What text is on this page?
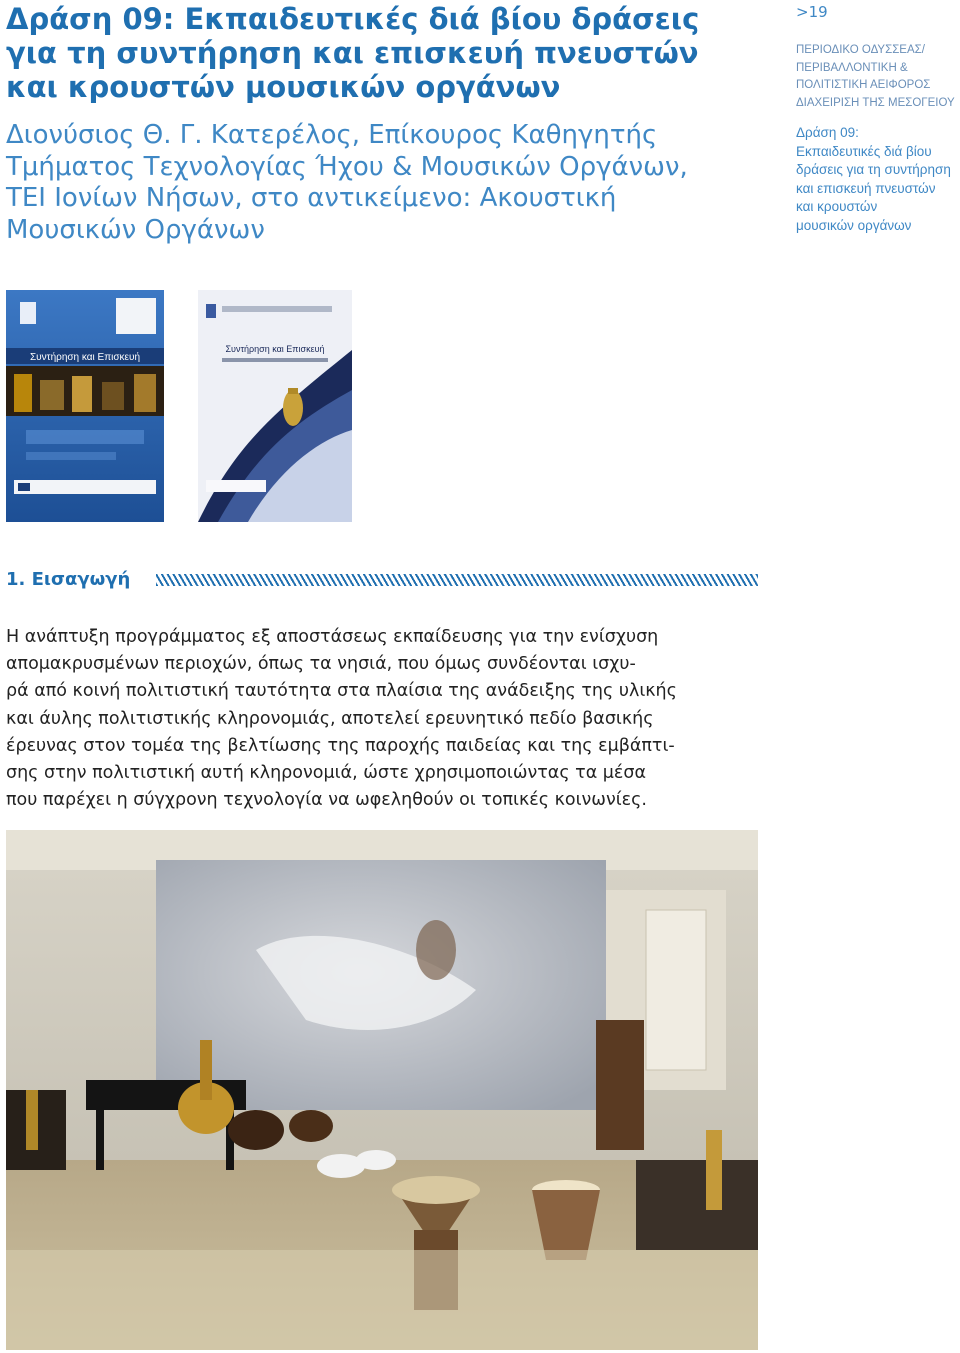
Δράση 09: Εκπαιδευτικές διά βίου δράσεις
για τη συντήρηση και επισκευή πνευστών
και κρουστών μουσικών οργάνων

Διονύσιος Θ. Γ. Κατερέλος, Επίκουρος Καθηγητής
Τμήματος Τεχνολογίας Ήχου & Μουσικών Οργάνων,
ΤΕΙ Ιονίων Νήσων, στο αντικείμενο: Ακουστική
Μουσικών Οργάνων

>19
ΠΕΡΙΟΔΙΚΟ ΟΔΥΣΣΕΑΣ/
ΠΕΡΙΒΑΛΛΟΝΤΙΚΗ &
ΠΟΛΙΤΙΣΤΙΚΗ ΑΕΙΦΟΡΟΣ
ΔΙΑΧΕΙΡΙΣΗ ΤΗΣ ΜΕΣΟΓΕΙΟΥ
Δράση 09:
Εκπαιδευτικές διά βίου
δράσεις για τη συντήρηση
και επισκευή πνευστών
και κρουστών
μουσικών οργάνων
Συντήρηση και Επισκευή
Συντήρηση και Επισκευή
1. Εισαγωγή

Η ανάπτυξη προγράμματος εξ αποστάσεως εκπαίδευσης για την ενίσχυση
απομακρυσμένων περιοχών, όπως τα νησιά, που όμως συνδέονται ισχυ-
ρά από κοινή πολιτιστική ταυτότητα στα πλαίσια της ανάδειξης της υλικής
και άυλης πολιτιστικής κληρονομιάς, αποτελεί ερευνητικό πεδίο βασικής
έρευνας στον τομέα της βελτίωσης της παροχής παιδείας και της εμβάπτι-
σης στην πολιτιστική αυτή κληρονομιά, ώστε χρησιμοποιώντας τα μέσα
που παρέχει η σύγχρονη τεχνολογία να ωφεληθούν οι τοπικές κοινωνίες.
